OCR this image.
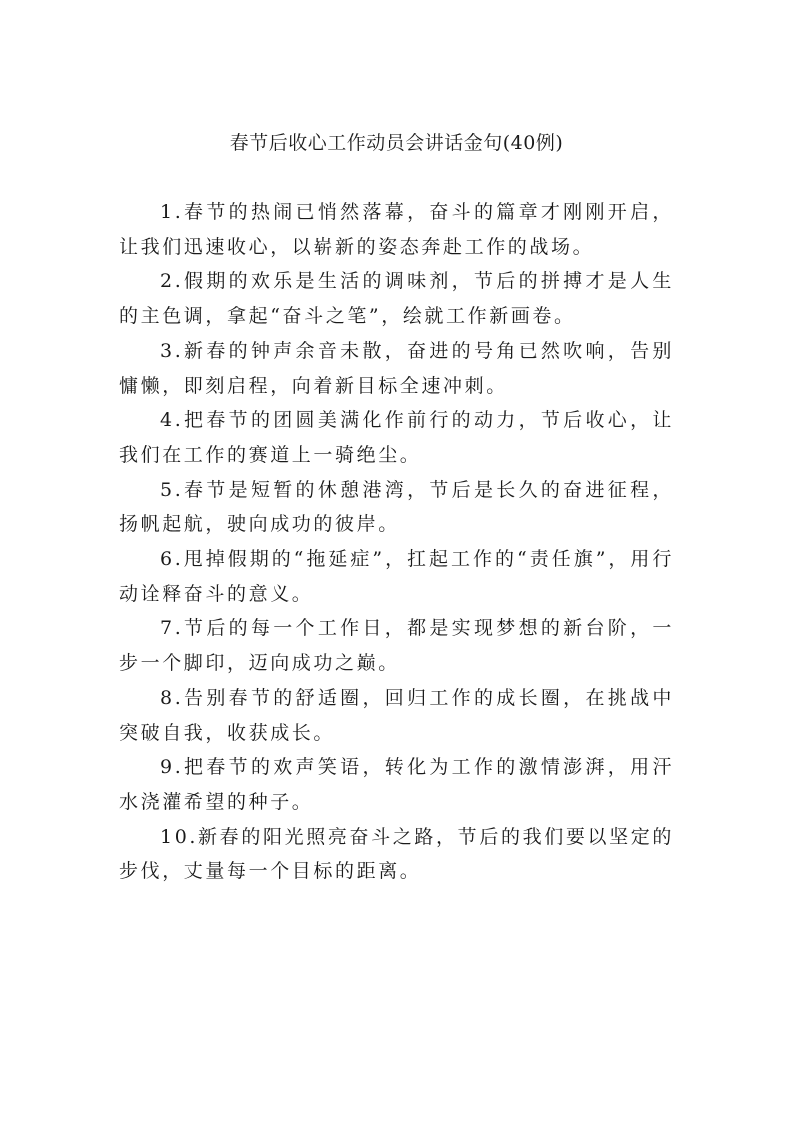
春节后收心工作动员会讲话金句(40例)

1.春节的热闹已悄然落幕，奋斗的篇章才刚刚开启，让我们迅速收心，以崭新的姿态奔赴工作的战场。

2.假期的欢乐是生活的调味剂，节后的拼搏才是人生的主色调，拿起“奋斗之笔”，绘就工作新画卷。

3.新春的钟声余音未散，奋进的号角已然吹响，告别慵懒，即刻启程，向着新目标全速冲刺。

4.把春节的团圆美满化作前行的动力，节后收心，让我们在工作的赛道上一骑绝尘。

5.春节是短暂的休憩港湾，节后是长久的奋进征程，扬帆起航，驶向成功的彼岸。

6.甩掉假期的“拖延症”，扛起工作的“责任旗”，用行动诠释奋斗的意义。

7.节后的每一个工作日，都是实现梦想的新台阶，一步一个脚印，迈向成功之巅。

8.告别春节的舒适圈，回归工作的成长圈，在挑战中突破自我，收获成长。

9.把春节的欢声笑语，转化为工作的激情澎湃，用汗水浇灌希望的种子。

10.新春的阳光照亮奋斗之路，节后的我们要以坚定的步伐，丈量每一个目标的距离。
